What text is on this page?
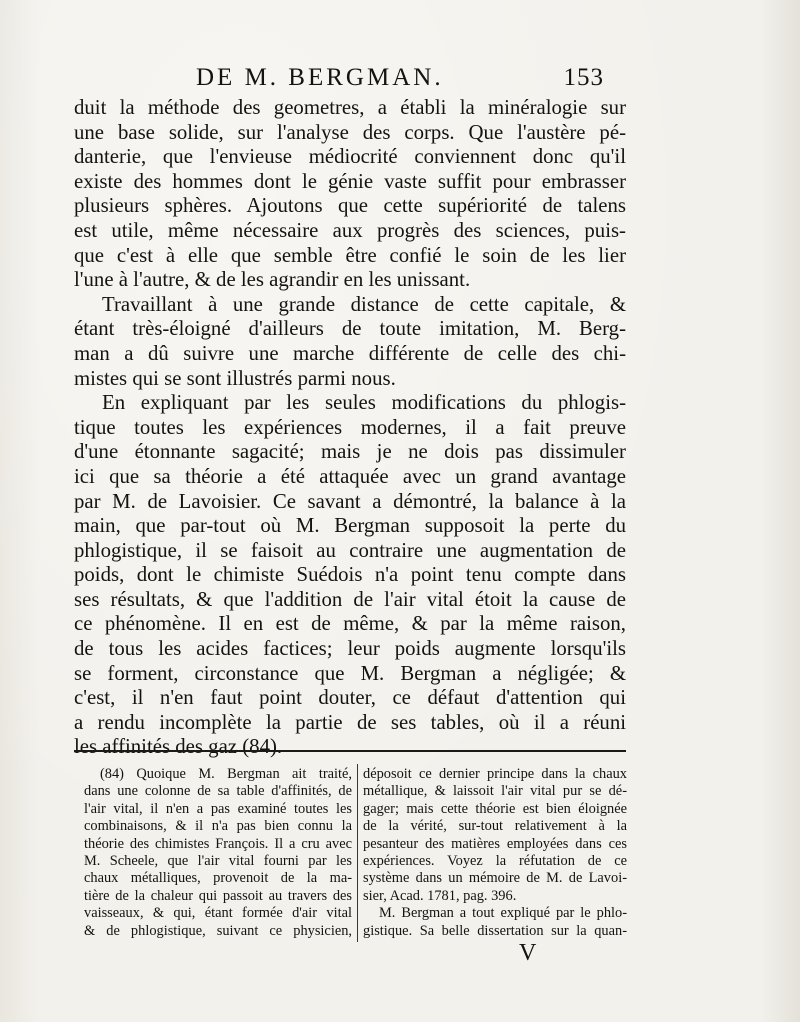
DE M. BERGMAN.	153
duit la méthode des geometres, a établi la minéralogie sur
une base solide, sur l'analyse des corps. Que l'austère pé-
danterie, que l'envieuse médiocrité conviennent donc qu'il
existe des hommes dont le génie vaste suffit pour embrasser
plusieurs sphères. Ajoutons que cette supériorité de talens
est utile, même nécessaire aux progrès des sciences, puis-
que c'est à elle que semble être confié le soin de les lier
l'une à l'autre, & de les agrandir en les unissant.
Travaillant à une grande distance de cette capitale, &
étant très-éloigné d'ailleurs de toute imitation, M. Berg-
man a dû suivre une marche différente de celle des chi-
mistes qui se sont illustrés parmi nous.
En expliquant par les seules modifications du phlogis-
tique toutes les expériences modernes, il a fait preuve
d'une étonnante sagacité; mais je ne dois pas dissimuler
ici que sa théorie a été attaquée avec un grand avantage
par M. de Lavoisier. Ce savant a démontré, la balance à la
main, que par-tout où M. Bergman supposoit la perte du
phlogistique, il se faisoit au contraire une augmentation de
poids, dont le chimiste Suédois n'a point tenu compte dans
ses résultats, & que l'addition de l'air vital étoit la cause de
ce phénomène. Il en est de même, & par la même raison,
de tous les acides factices; leur poids augmente lorsqu'ils
se forment, circonstance que M. Bergman a négligée; &
c'est, il n'en faut point douter, ce défaut d'attention qui
a rendu incomplète la partie de ses tables, où il a réuni
les affinités des gaz (84).
(84) Quoique M. Bergman ait traité,
dans une colonne de sa table d'affinités, de
l'air vital, il n'en a pas examiné toutes les
combinaisons, & il n'a pas bien connu la
théorie des chimistes François. Il a cru avec
M. Scheele, que l'air vital fourni par les
chaux métalliques, provenoit de la ma-
tière de la chaleur qui passoit au travers des
vaisseaux, & qui, étant formée d'air vital
& de phlogistique, suivant ce physicien,
déposoit ce dernier principe dans la chaux
métallique, & laissoit l'air vital pur se dé-
gager; mais cette théorie est bien éloignée
de la vérité, sur-tout relativement à la
pesanteur des matières employées dans ces
expériences. Voyez la réfutation de ce
système dans un mémoire de M. de Lavoi-
sier, Acad. 1781, pag. 396.
M. Bergman a tout expliqué par le phlo-
gistique. Sa belle dissertation sur la quan-
V
